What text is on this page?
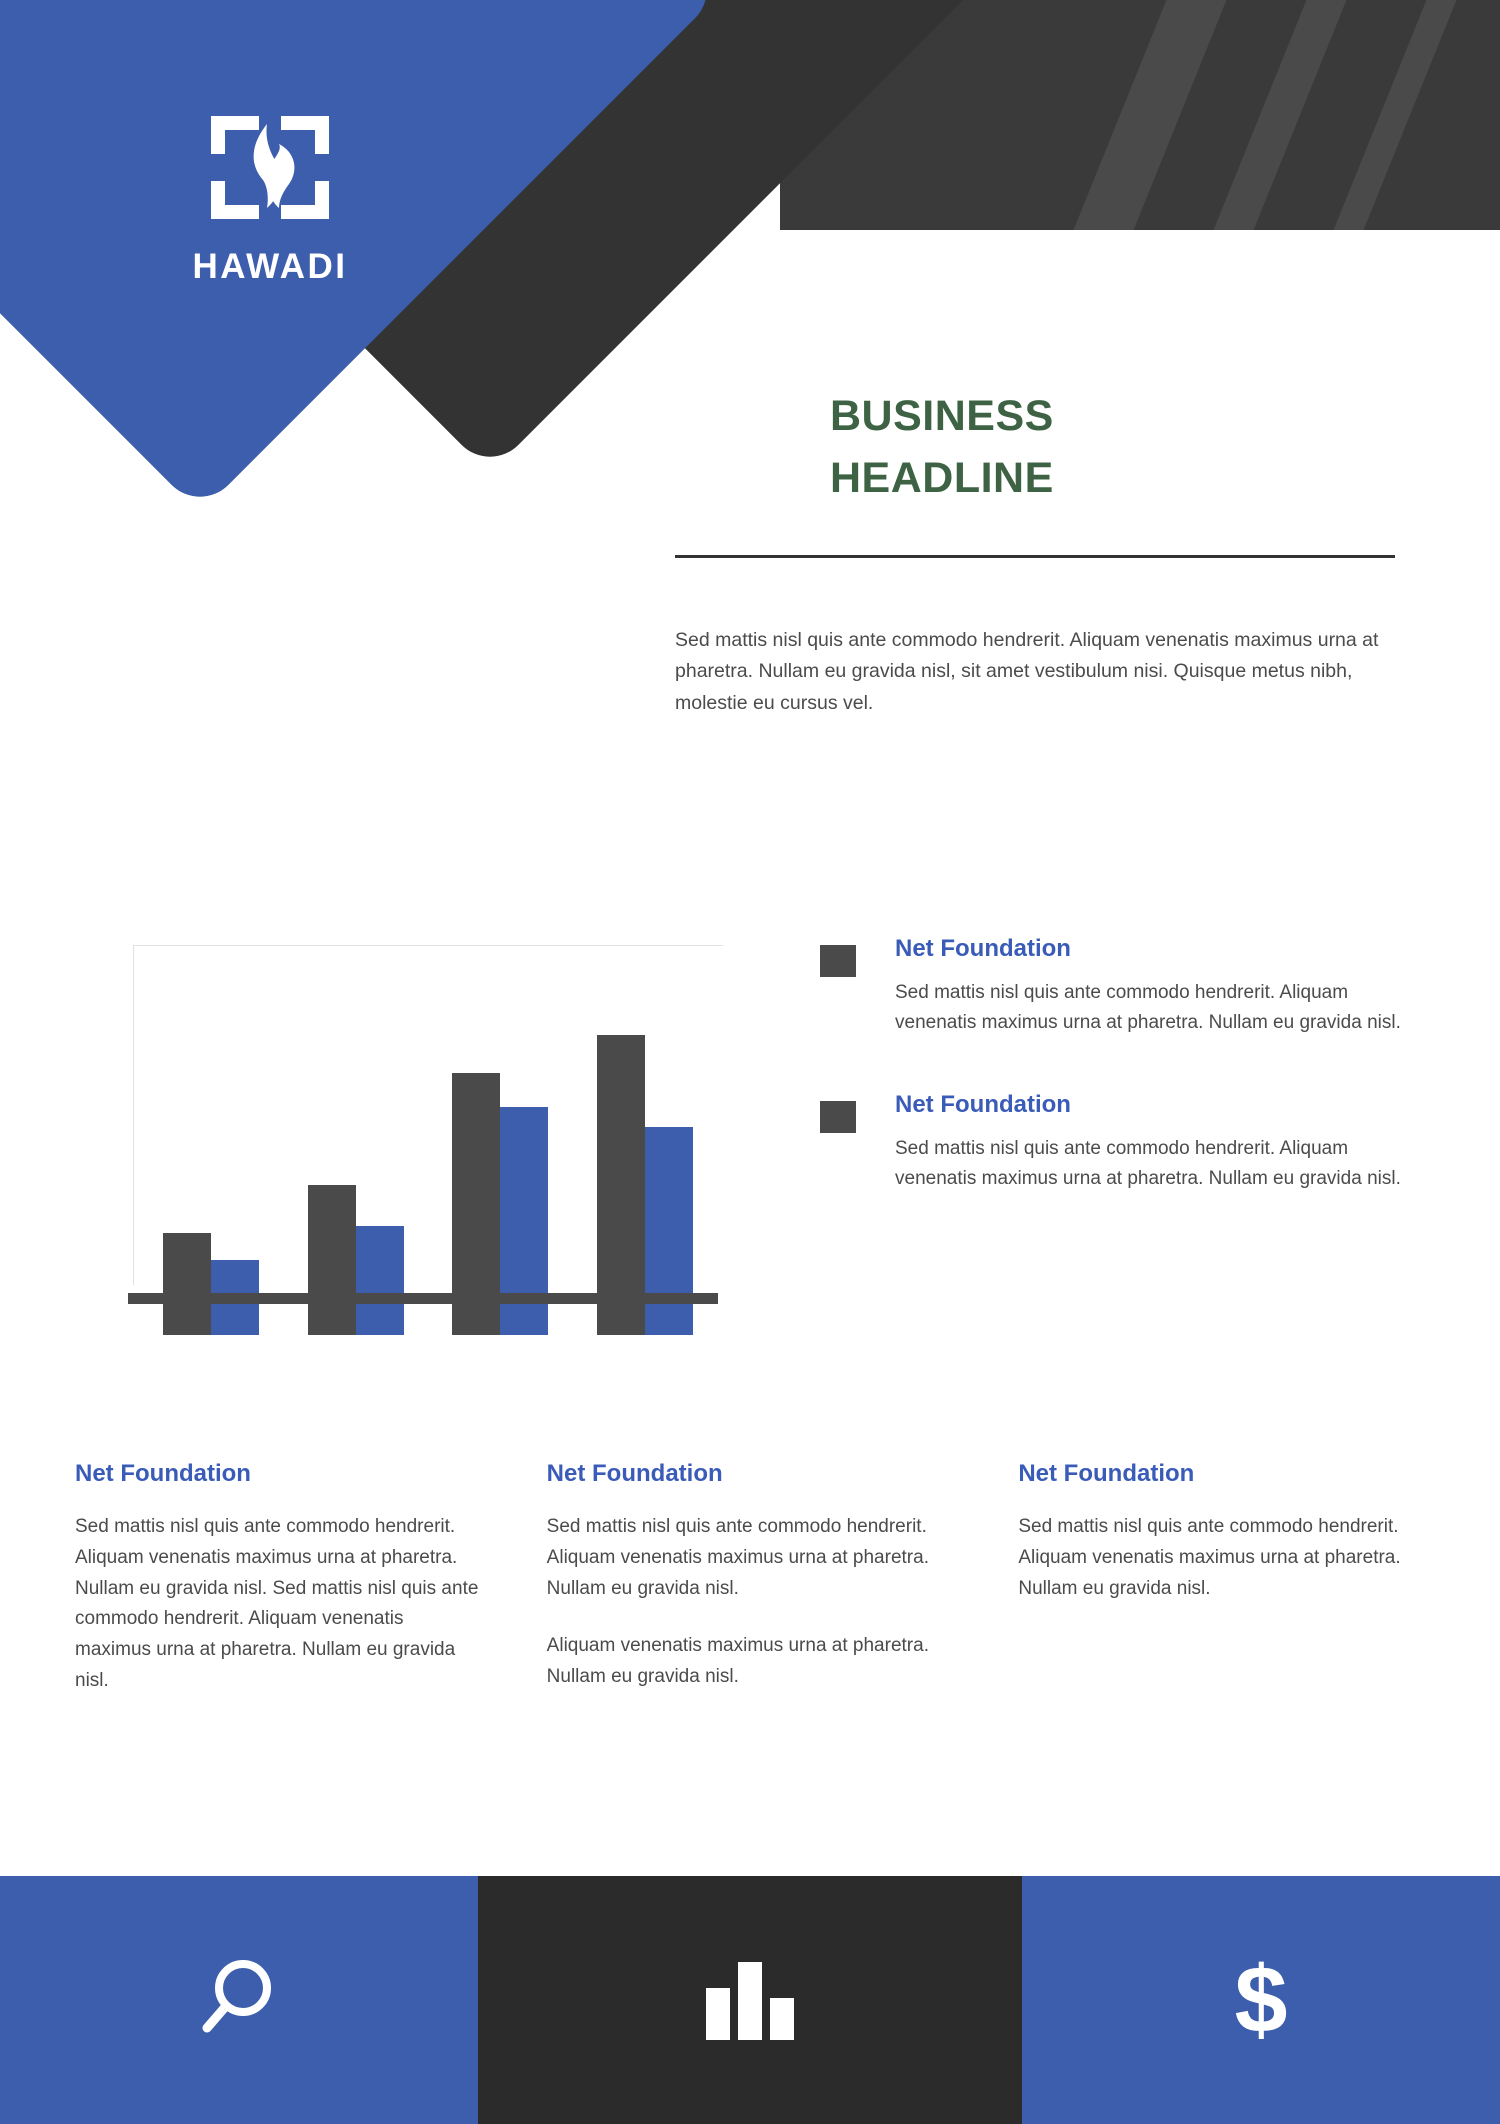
HAWADI
BUSINESS
HEADLINE
Sed mattis nisl quis ante commodo hendrerit. Aliquam venenatis maximus urna at pharetra. Nullam eu gravida nisl, sit amet vestibulum nisi. Quisque metus nibh, molestie eu cursus vel.
Net Foundation
Sed mattis nisl quis ante commodo hendrerit. Aliquam venenatis maximus urna at pharetra. Nullam eu gravida nisl.
Net Foundation
Sed mattis nisl quis ante commodo hendrerit. Aliquam venenatis maximus urna at pharetra. Nullam eu gravida nisl.
Net Foundation
Sed mattis nisl quis ante commodo hendrerit. Aliquam venenatis maximus urna at pharetra. Nullam eu gravida nisl. Sed mattis nisl quis ante commodo hendrerit. Aliquam venenatis maximus urna at pharetra. Nullam eu gravida nisl.
Net Foundation
Sed mattis nisl quis ante commodo hendrerit. Aliquam venenatis maximus urna at pharetra. Nullam eu gravida nisl.
Aliquam venenatis maximus urna at pharetra. Nullam eu gravida nisl.
Net Foundation
Sed mattis nisl quis ante commodo hendrerit. Aliquam venenatis maximus urna at pharetra. Nullam eu gravida nisl.
$
